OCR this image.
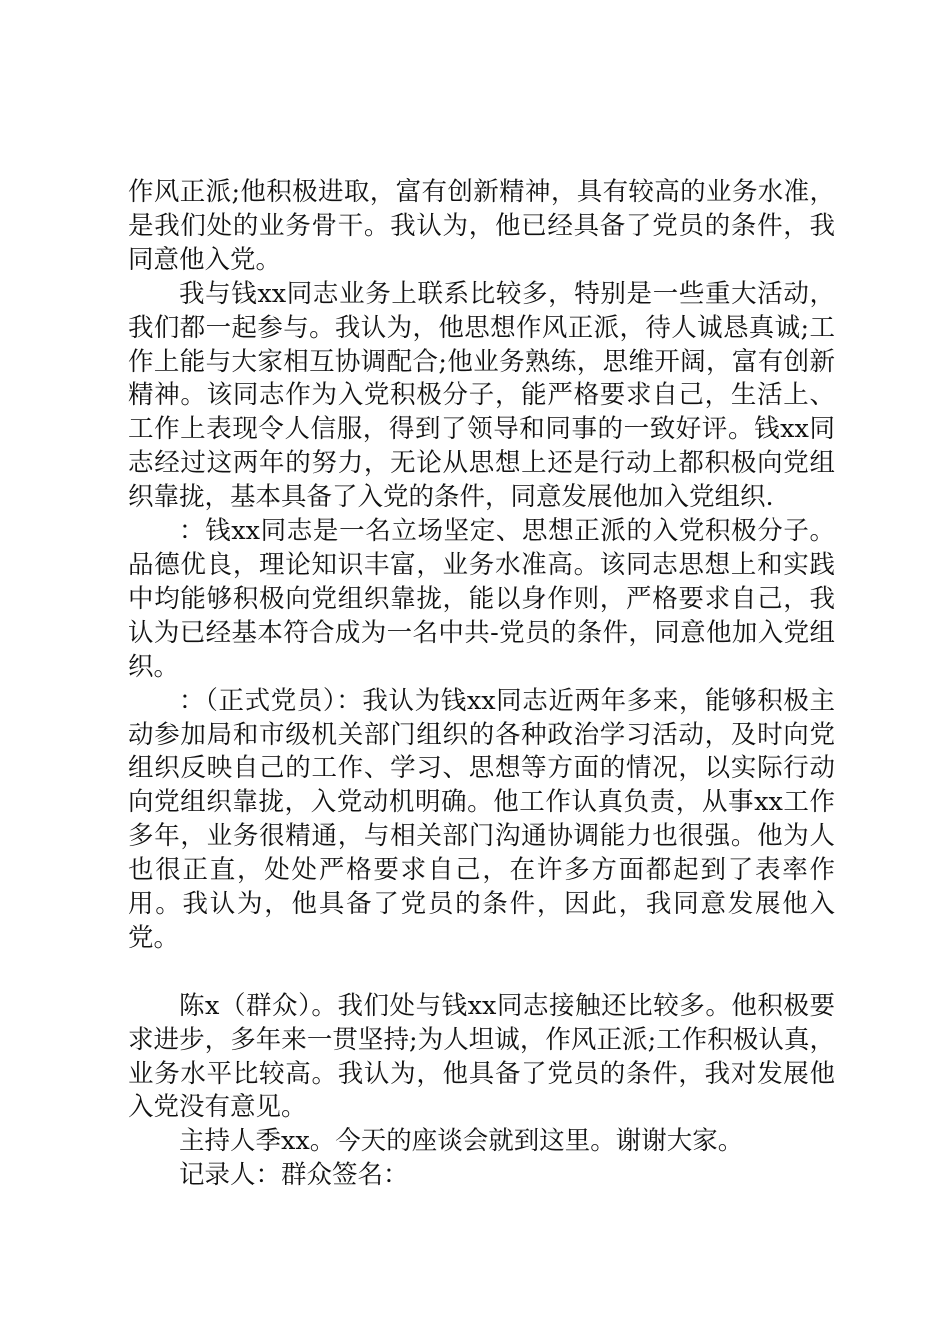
作风正派;他积极进取，富有创新精神，具有较高的业务水准，是我们处的业务骨干。我认为，他已经具备了党员的条件，我同意他入党。

我与钱xx同志业务上联系比较多，特别是一些重大活动，我们都一起参与。我认为，他思想作风正派，待人诚恳真诚;工作上能与大家相互协调配合;他业务熟练，思维开阔，富有创新精神。该同志作为入党积极分子，能严格要求自己，生活上、工作上表现令人信服，得到了领导和同事的一致好评。钱xx同志经过这两年的努力，无论从思想上还是行动上都积极向党组织靠拢，基本具备了入党的条件，同意发展他加入党组织.

：钱xx同志是一名立场坚定、思想正派的入党积极分子。品德优良，理论知识丰富，业务水准高。该同志思想上和实践中均能够积极向党组织靠拢，能以身作则，严格要求自己，我认为已经基本符合成为一名中共-党员的条件，同意他加入党组织。

：（正式党员）：我认为钱xx同志近两年多来，能够积极主动参加局和市级机关部门组织的各种政治学习活动，及时向党组织反映自己的工作、学习、思想等方面的情况，以实际行动向党组织靠拢，入党动机明确。他工作认真负责，从事xx工作多年，业务很精通，与相关部门沟通协调能力也很强。他为人也很正直，处处严格要求自己，在许多方面都起到了表率作用。我认为，他具备了党员的条件，因此，我同意发展他入党。

陈x（群众）。我们处与钱xx同志接触还比较多。他积极要求进步，多年来一贯坚持;为人坦诚，作风正派;工作积极认真，业务水平比较高。我认为，他具备了党员的条件，我对发展他入党没有意见。

主持人季xx。今天的座谈会就到这里。谢谢大家。

记录人：群众签名：
